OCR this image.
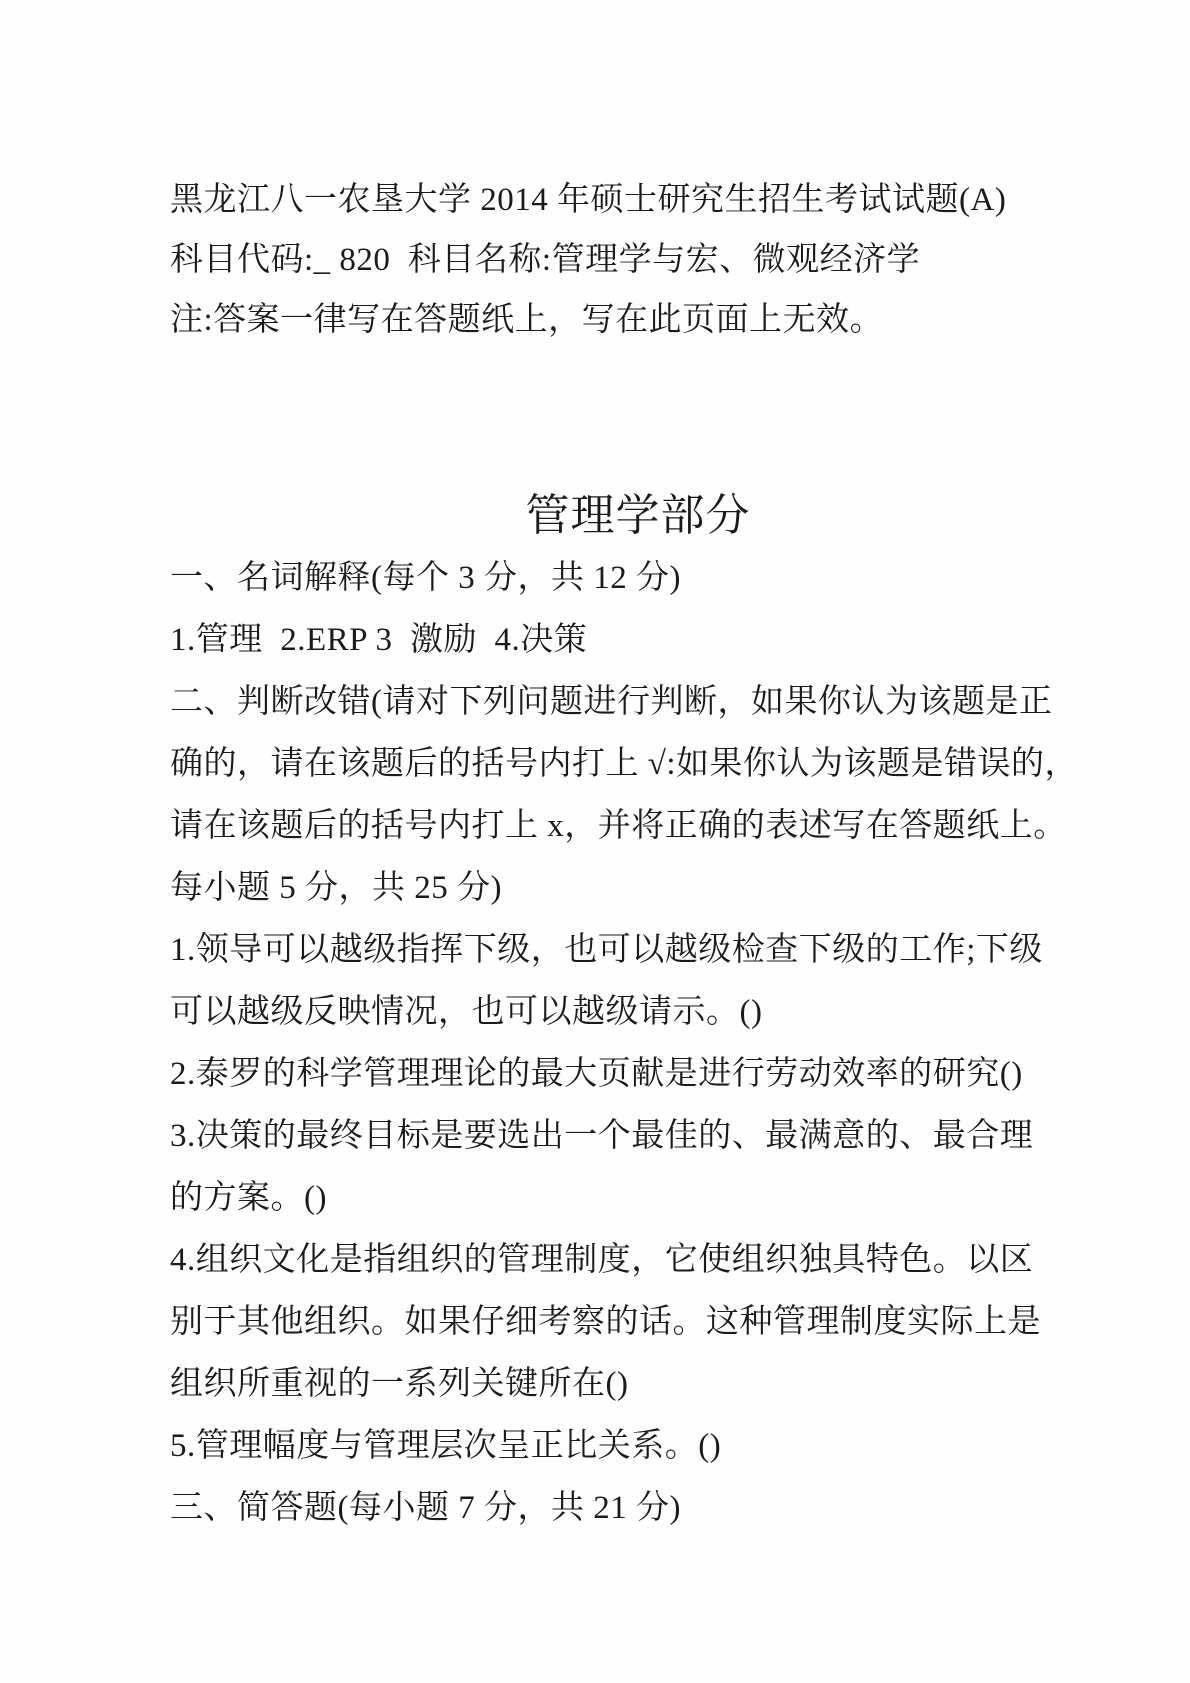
黑龙江八一农垦大学 2014 年硕士研究生招生考试试题(A)
科目代码:_ 820  科目名称:管理学与宏、微观经济学
注:答案一律写在答题纸上，写在此页面上无效。
管理学部分
一、名词解释(每个 3 分，共 12 分)
1.管理  2.ERP 3  激励  4.决策
二、判断改错(请对下列问题进行判断，如果你认为该题是正
确的，请在该题后的括号内打上 √:如果你认为该题是错误的，
请在该题后的括号内打上 x，并将正确的表述写在答题纸上。
每小题 5 分，共 25 分)
1.领导可以越级指挥下级，也可以越级检查下级的工作;下级
可以越级反映情况，也可以越级请示。()
2.泰罗的科学管理理论的最大页献是进行劳动效率的研究()
3.决策的最终目标是要选出一个最佳的、最满意的、最合理
的方案。()
4.组织文化是指组织的管理制度，它使组织独具特色。以区
别于其他组织。如果仔细考察的话。这种管理制度实际上是
组织所重视的一系列关键所在()
5.管理幅度与管理层次呈正比关系。()
三、简答题(每小题 7 分，共 21 分)
